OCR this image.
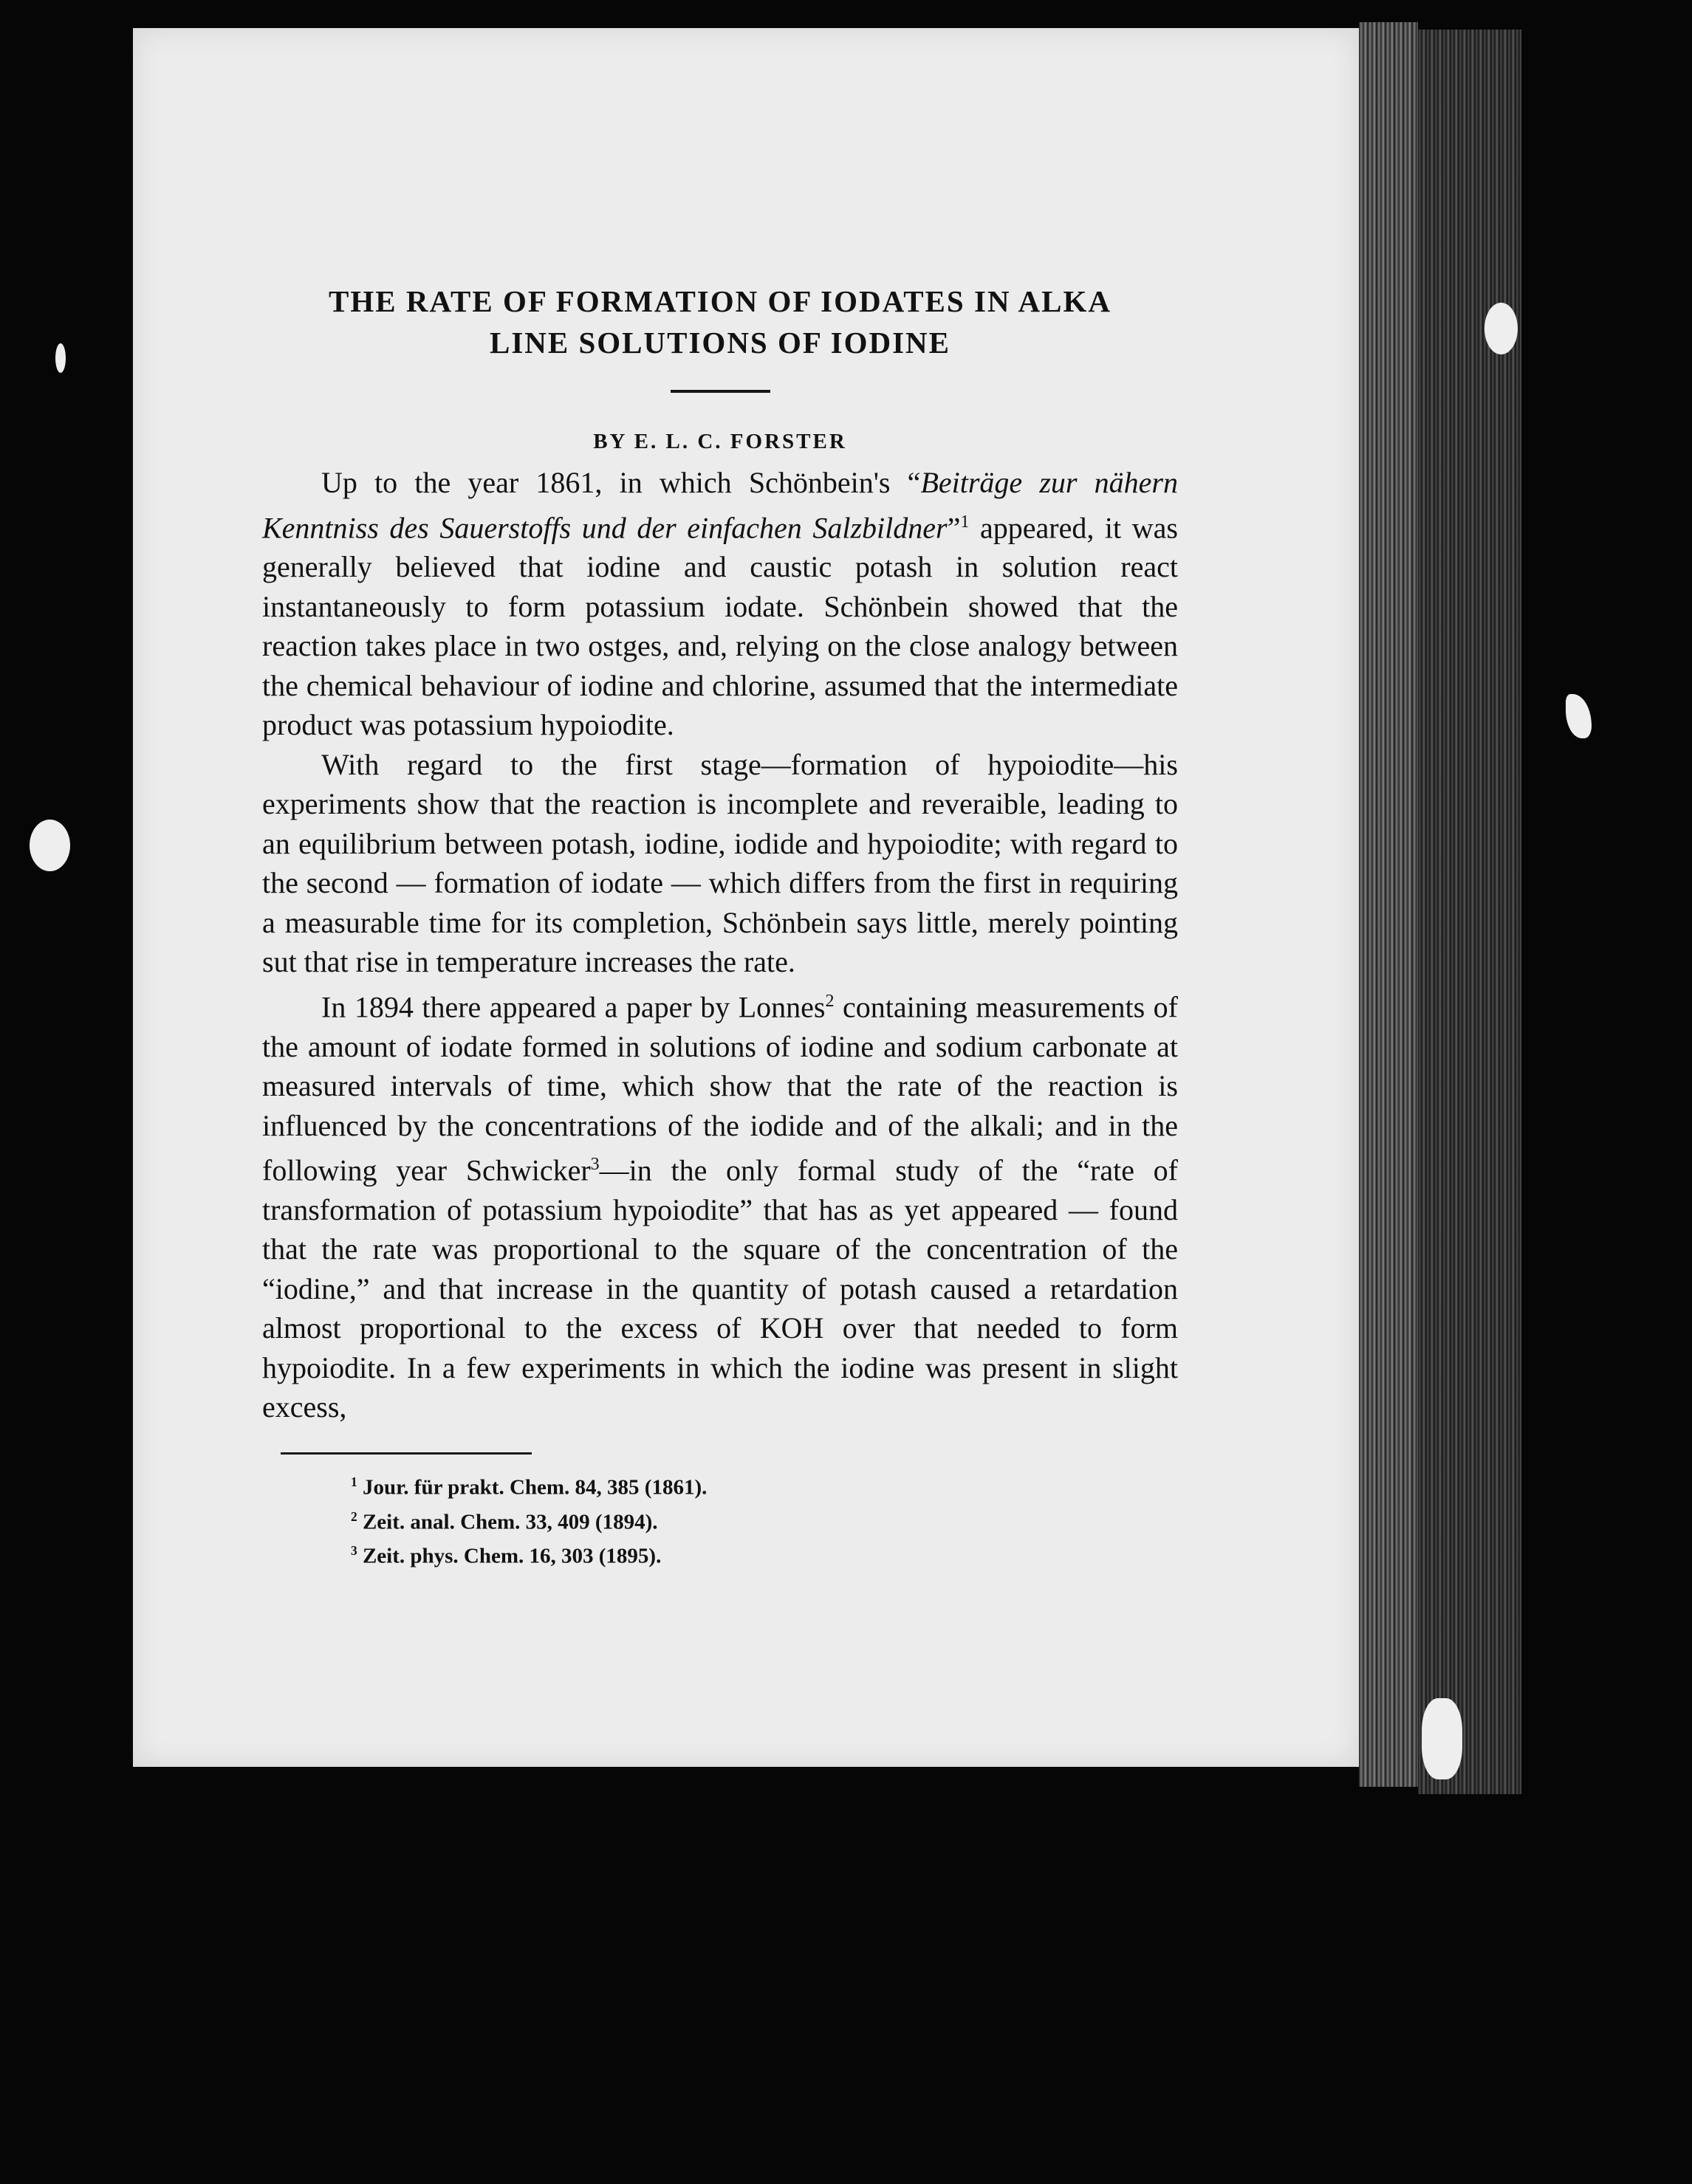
THE RATE OF FORMATION OF IODATES IN ALKA
LINE SOLUTIONS OF IODINE

BY E. L. C. FORSTER

Up to the year 1861, in which Schönbein's “Beiträge zur nähern Kenntniss des Sauerstoffs und der einfachen Salzbildner”$^1$ appeared, it was generally believed that iodine and caustic potash in solution react instantaneously to form potassium iodate. Schönbein showed that the reaction takes place in two ostges, and, relying on the close analogy between the chemical behaviour of iodine and chlorine, assumed that the intermediate product was potassium hypoiodite.

With regard to the first stage—formation of hypoiodite—his experiments show that the reaction is incomplete and reveraible, leading to an equilibrium between potash, iodine, iodide and hypoiodite; with regard to the second — formation of iodate — which differs from the first in requiring a measurable time for its completion, Schönbein says little, merely pointing sut that rise in temperature increases the rate.

In 1894 there appeared a paper by Lonnes$^2$ containing measurements of the amount of iodate formed in solutions of iodine and sodium carbonate at measured intervals of time, which show that the rate of the reaction is influenced by the concentrations of the iodide and of the alkali; and in the following year Schwicker$^3$—in the only formal study of the “rate of transformation of potassium hypoiodite” that has as yet appeared — found that the rate was proportional to the square of the concentration of the “iodine,” and that increase in the quantity of potash caused a retardation almost proportional to the excess of KOH over that needed to form hypoiodite. In a few experiments in which the iodine was present in slight excess,

$^1$ Jour. für prakt. Chem. 84, 385 (1861).

$^2$ Zeit. anal. Chem. 33, 409 (1894).

$^3$ Zeit. phys. Chem. 16, 303 (1895).
